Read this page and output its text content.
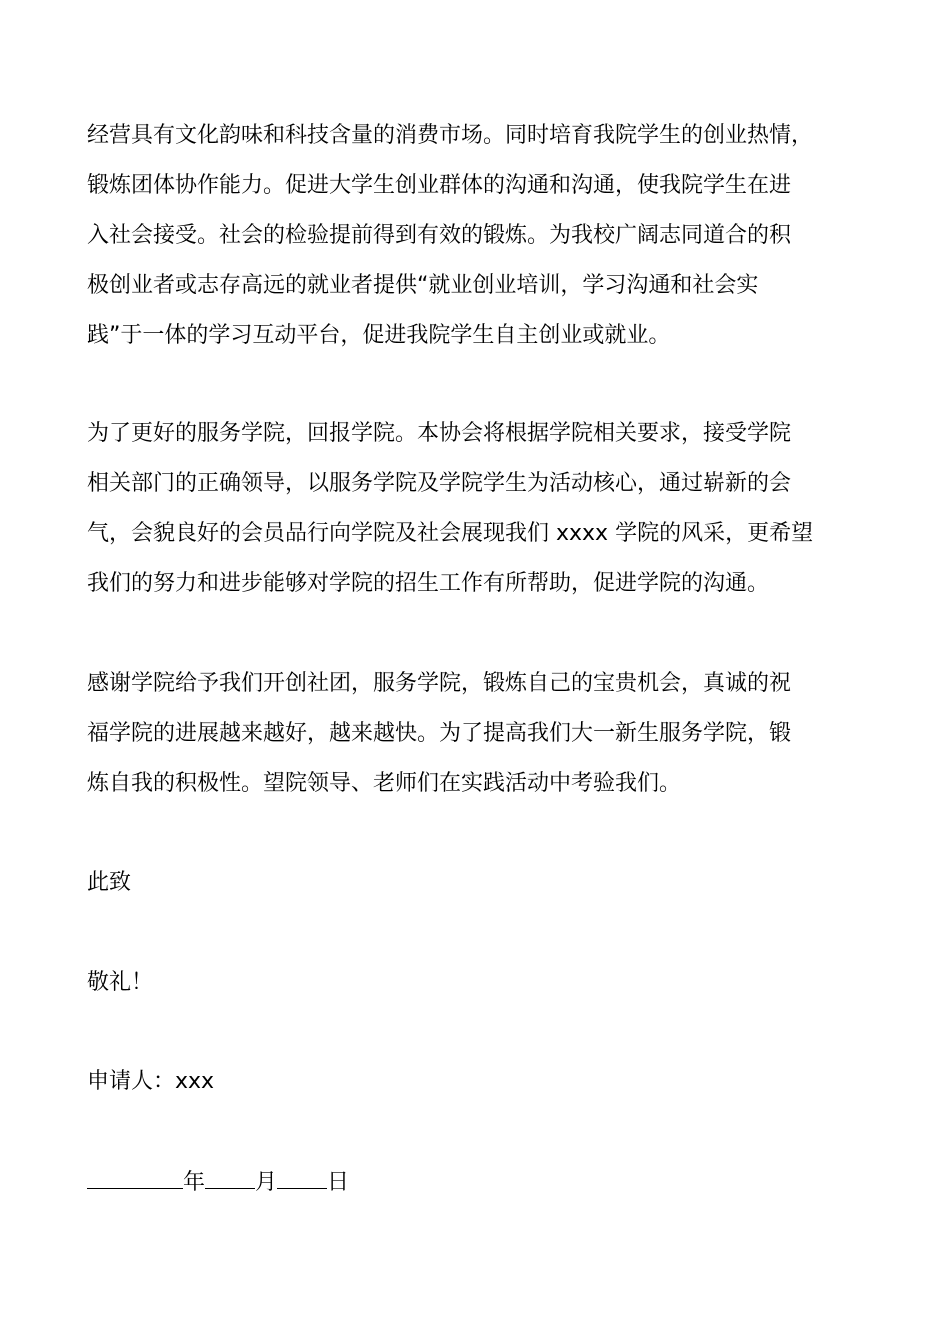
经营具有文化韵味和科技含量的消费市场。同时培育我院学生的创业热情，
锻炼团体协作能力。促进大学生创业群体的沟通和沟通，使我院学生在进
入社会接受。社会的检验提前得到有效的锻炼。为我校广阔志同道合的积
极创业者或志存高远的就业者提供“就业创业培训，学习沟通和社会实
践”于一体的学习互动平台，促进我院学生自主创业或就业。
为了更好的服务学院，回报学院。本协会将根据学院相关要求，接受学院
相关部门的正确领导，以服务学院及学院学生为活动核心，通过崭新的会
气，会貌良好的会员品行向学院及社会展现我们 xxxx 学院的风采，更希望
我们的努力和进步能够对学院的招生工作有所帮助，促进学院的沟通。
感谢学院给予我们开创社团，服务学院，锻炼自己的宝贵机会，真诚的祝
福学院的进展越来越好，越来越快。为了提高我们大一新生服务学院，锻
炼自我的积极性。望院领导、老师们在实践活动中考验我们。
此致
敬礼！
申请人：xxx
年 月 日
